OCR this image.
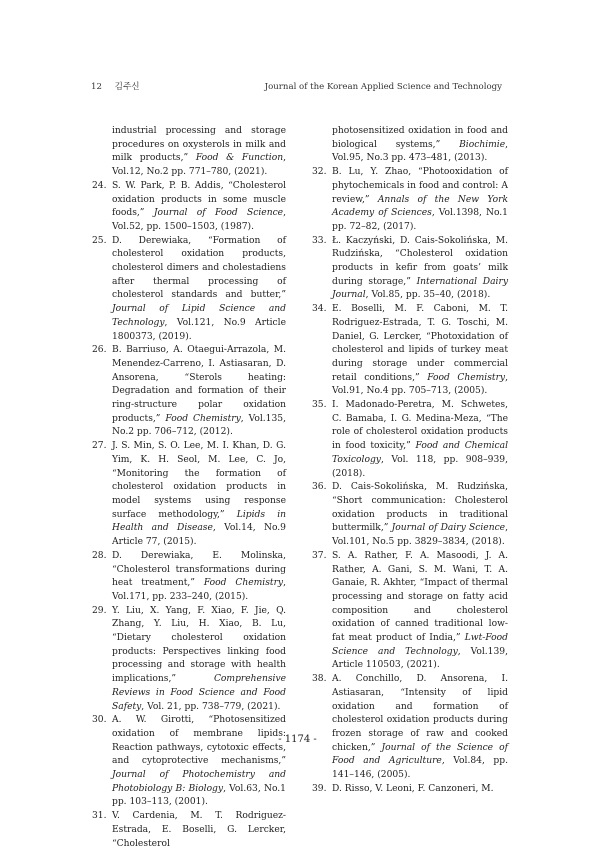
12 김주신	Journal of the Korean Applied Science and Technology
industrial processing and storage procedures on oxysterols in milk and milk products,” Food & Function, Vol.12, No.2 pp. 771–780, (2021).
24. S. W. Park, P. B. Addis, “Cholesterol oxidation products in some muscle foods,” Journal of Food Science, Vol.52, pp. 1500–1503, (1987).
25. D. Derewiaka, “Formation of cholesterol oxidation products, cholesterol dimers and cholestadiens after thermal processing of cholesterol standards and butter,” Journal of Lipid Science and Technology, Vol.121, No.9 Article 1800373, (2019).
26. B. Barriuso, A. Otaegui-Arrazola, M. Menendez-Carreno, I. Astiasaran, D. Ansorena, “Sterols heating: Degradation and formation of their ring-structure polar oxidation products,” Food Chemistry, Vol.135, No.2 pp. 706–712, (2012).
27. J. S. Min, S. O. Lee, M. I. Khan, D. G. Yim, K. H. Seol, M. Lee, C. Jo, “Monitoring the formation of cholesterol oxidation products in model systems using response surface methodology,” Lipids in Health and Disease, Vol.14, No.9 Article 77, (2015).
28. D. Derewiaka, E. Molinska, “Cholesterol transformations during heat treatment,” Food Chemistry, Vol.171, pp. 233–240, (2015).
29. Y. Liu, X. Yang, F. Xiao, F. Jie, Q. Zhang, Y. Liu, H. Xiao, B. Lu, “Dietary cholesterol oxidation products: Perspectives linking food processing and storage with health implications,” Comprehensive Reviews in Food Science and Food Safety, Vol. 21, pp. 738–779, (2021).
30. A. W. Girotti, “Photosensitized oxidation of membrane lipids: Reaction pathways, cytotoxic effects, and cytoprotective mechanisms,” Journal of Photochemistry and Photobiology B: Biology, Vol.63, No.1 pp. 103–113, (2001).
31. V. Cardenia, M. T. Rodriguez-Estrada, E. Boselli, G. Lercker, “Cholesterol
photosensitized oxidation in food and biological systems,” Biochimie, Vol.95, No.3 pp. 473–481, (2013).
32. B. Lu, Y. Zhao, “Photooxidation of phytochemicals in food and control: A review,” Annals of the New York Academy of Sciences, Vol.1398, No.1 pp. 72–82, (2017).
33. Ł. Kaczyński, D. Cais-Sokolińska, M. Rudzińska, “Cholesterol oxidation products in kefir from goats’ milk during storage,” International Dairy Journal, Vol.85, pp. 35–40, (2018).
34. E. Boselli, M. F. Caboni, M. T. Rodriguez-Estrada, T. G. Toschi, M. Daniel, G. Lercker, “Photoxidation of cholesterol and lipids of turkey meat during storage under commercial retail conditions,” Food Chemistry, Vol.91, No.4 pp. 705–713, (2005).
35. I. Madonado-Peretra, M. Schwetes, C. Bamaba, I. G. Medina-Meza, “The role of cholesterol oxidation products in food toxicity,” Food and Chemical Toxicology, Vol. 118, pp. 908–939, (2018).
36. D. Cais-Sokolińska, M. Rudzińska, “Short communication: Cholesterol oxidation products in traditional buttermilk,” Journal of Dairy Science, Vol.101, No.5 pp. 3829–3834, (2018).
37. S. A. Rather, F. A. Masoodi, J. A. Rather, A. Gani, S. M. Wani, T. A. Ganaie, R. Akhter, “Impact of thermal processing and storage on fatty acid composition and cholesterol oxidation of canned traditional low-fat meat product of India,” Lwt-Food Science and Technology, Vol.139, Article 110503, (2021).
38. A. Conchillo, D. Ansorena, I. Astiasaran, “Intensity of lipid oxidation and formation of cholesterol oxidation products during frozen storage of raw and cooked chicken,” Journal of the Science of Food and Agriculture, Vol.84, pp. 141–146, (2005).
39. D. Risso, V. Leoni, F. Canzoneri, M.
- 1174 -
